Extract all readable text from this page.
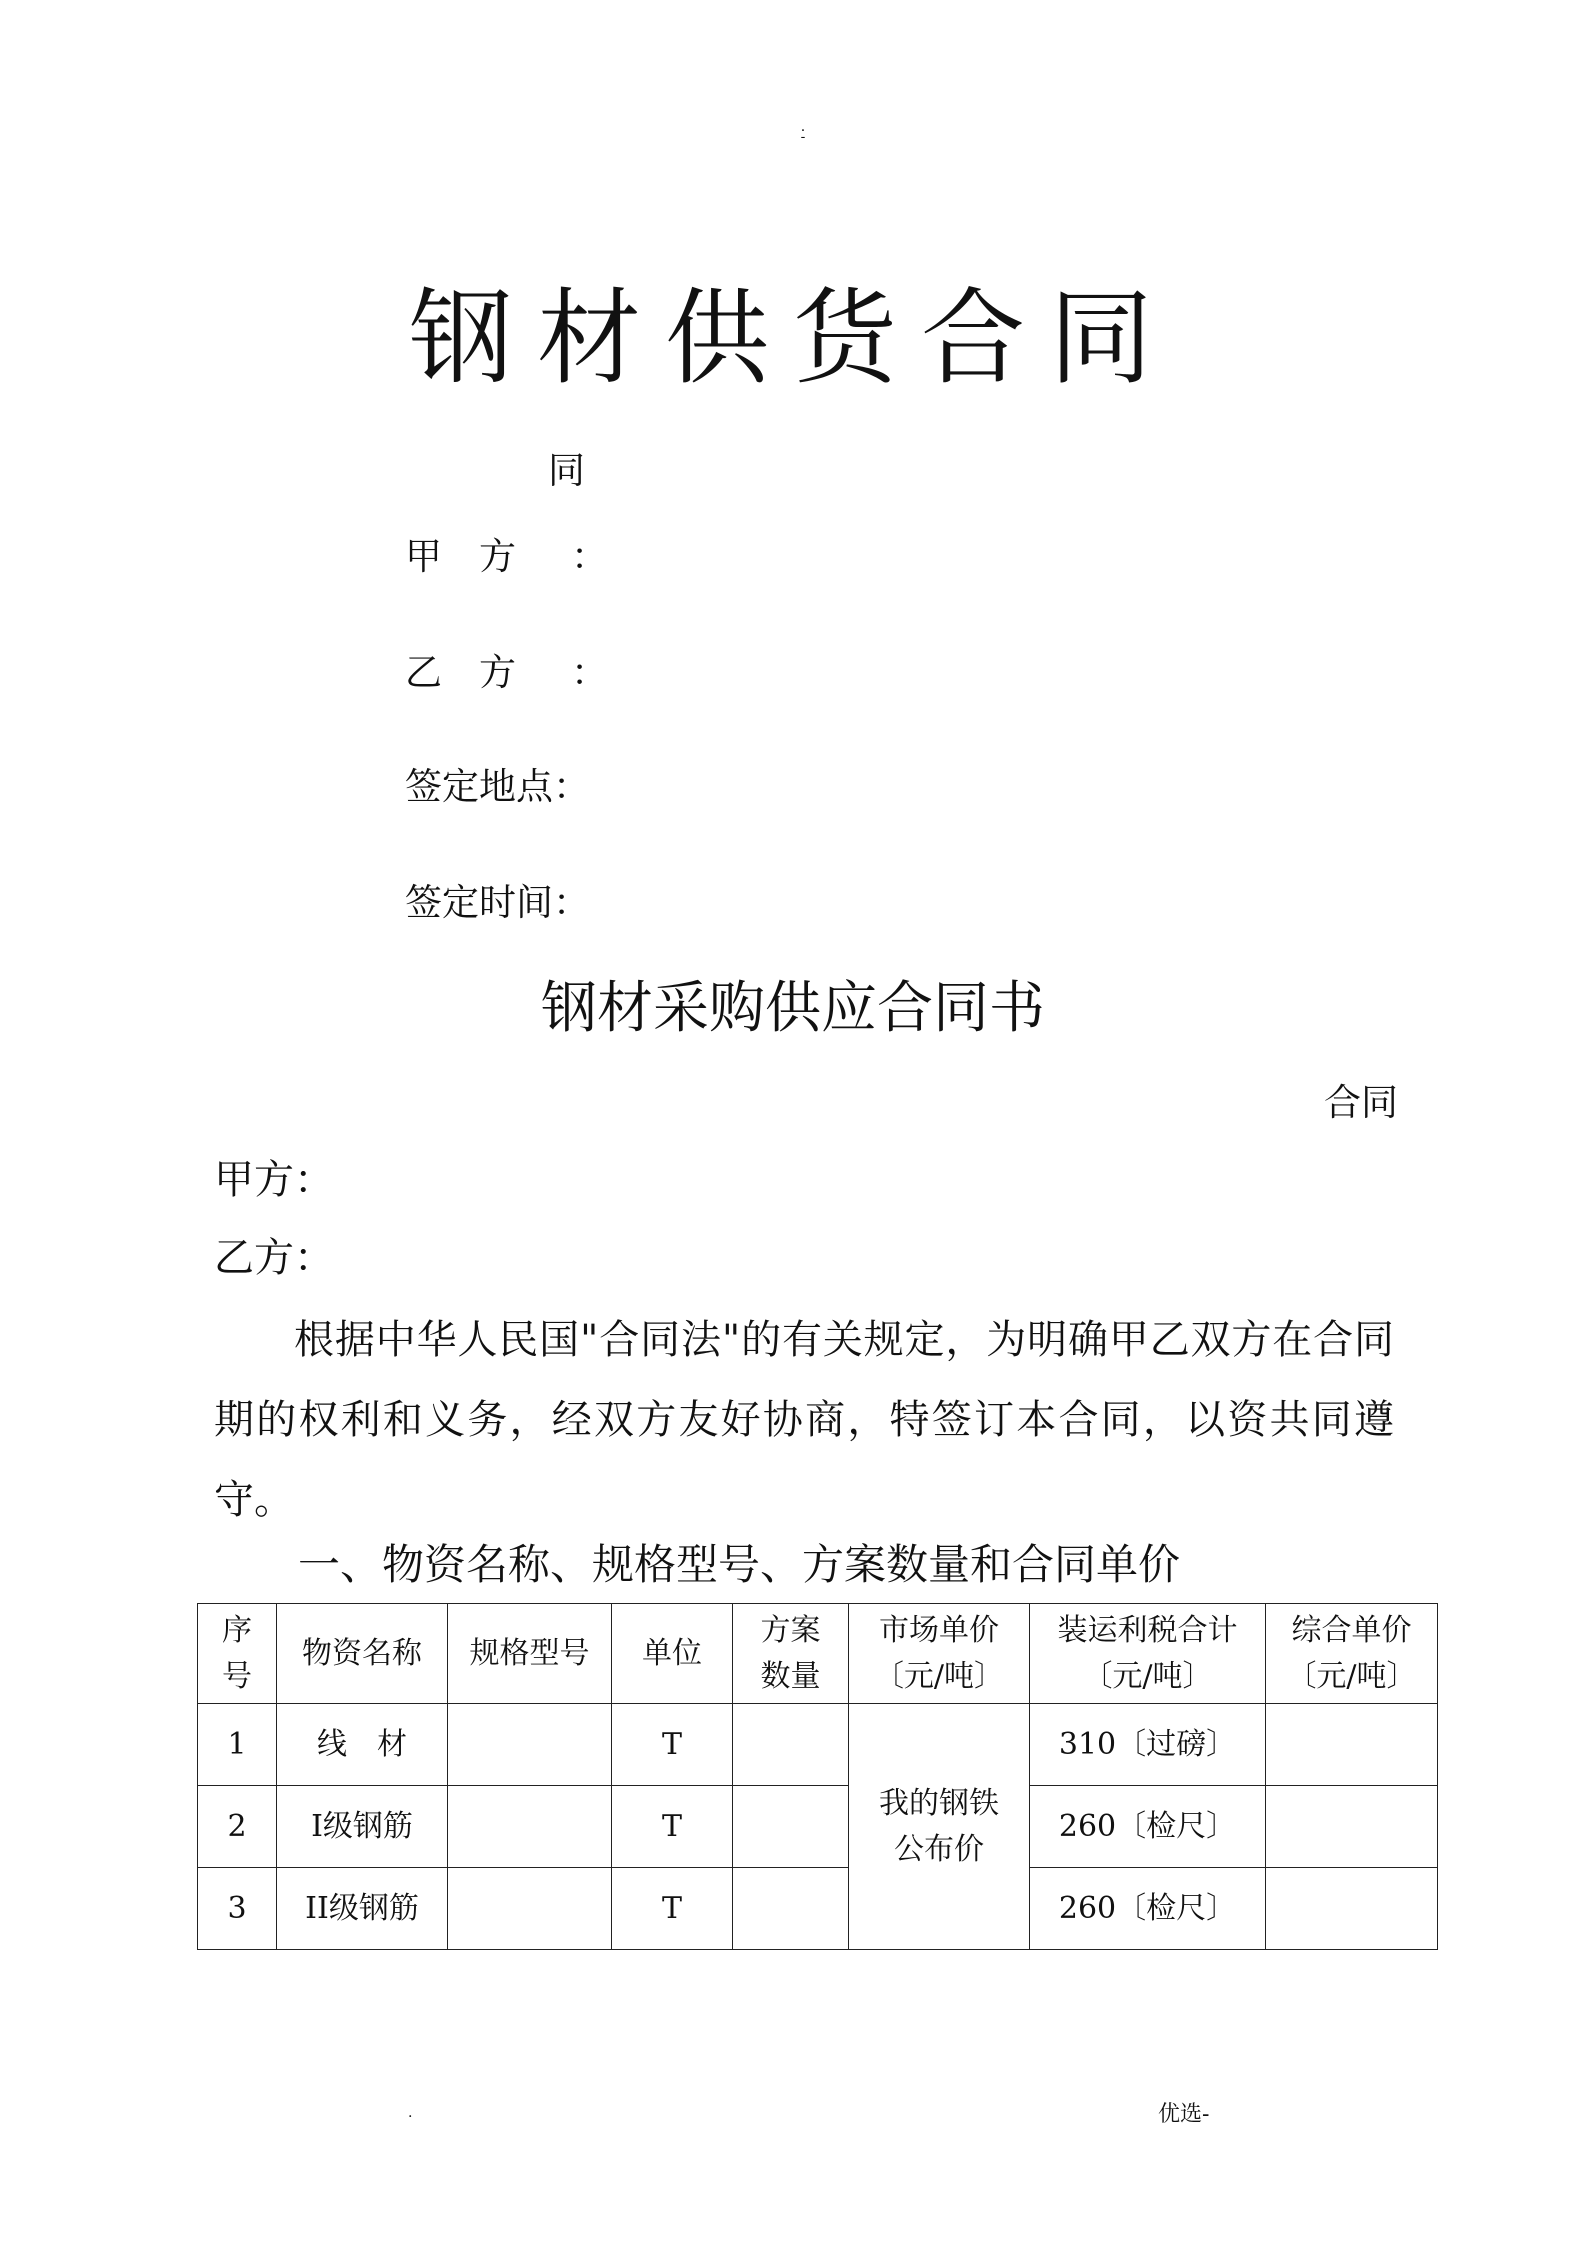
.
-
钢材供货合同
同
甲　方 ：
乙　方 ：
签定地点：
签定时间：
钢材采购供应合同书
合同
甲方：
乙方：
根据中华人民国"合同法"的有关规定，为明确甲乙双方在合同期的权利和义务，经双方友好协商，特签订本合同，以资共同遵守。
一、物资名称、规格型号、方案数量和合同单价
序号	物资名称	规格型号	单位	方案数量	市场单价〔元/吨〕	装运利税合计〔元/吨〕	综合单价〔元/吨〕
1	线　材		T		我的钢铁公布价	310〔过磅〕	
2	I级钢筋		T			260〔检尺〕	
3	II级钢筋		T			260〔检尺〕	
.	优选-
